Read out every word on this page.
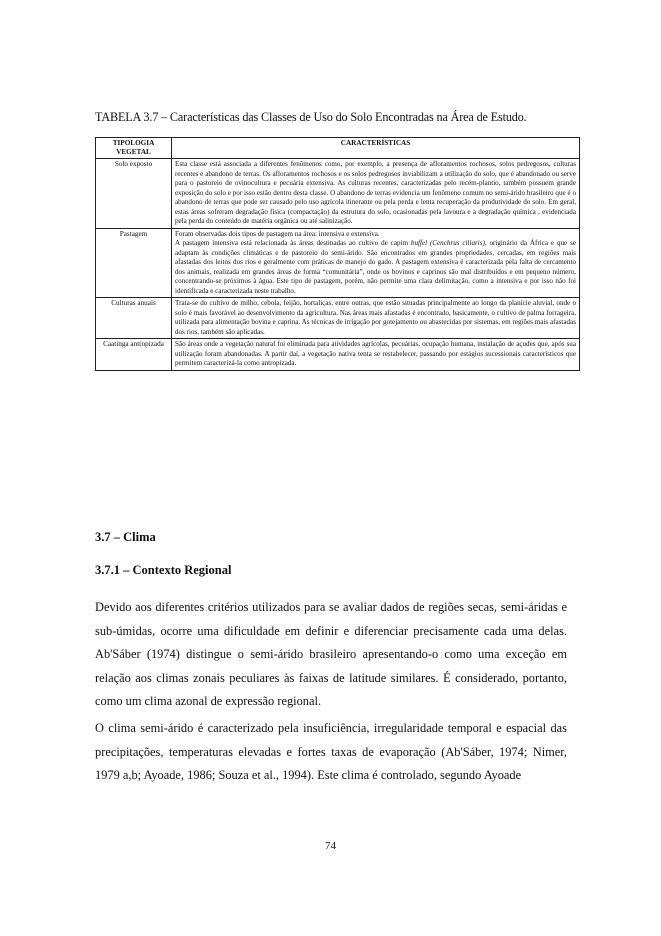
TABELA 3.7 – Características das Classes de Uso do Solo Encontradas na Área de Estudo.
TIPOLOGIA VEGETAL	CARACTERÍSTICAS
Solo exposto	Esta classe está associada a diferentes fenômenos como, por exemplo, a presença de afloramentos rochosos, solos pedregosos, culturas recentes e abandono de terras. Os afloramentos rochosos e os solos pedregosos inviabilizam a utilização do solo, que é abandonado ou serve para o pastoreio de ovinocultura e pecuária extensiva. As culturas recentes, caracterizadas pelo recém-plantio, também possuem grande exposição do solo e por isso estão dentro desta classe. O abandono de terras evidencia um fenômeno comum no semi-árido brasileiro que é o abandono de terras que pode ser causado pelo uso agrícola itinerante ou pela perda e lenta recuperação da produtividade do solo. Em geral, estas áreas sofreram degradação física (compactação) da estrutura do solo, ocasionadas pela lavoura e a degradação química , evidenciada pela perda do conteúdo de matéria orgânica ou até salinização.
Pastagem	Foram observadas dois tipos de pastagem na área: intensiva e extensiva.
A pastagem intensiva está relacionada às áreas destinadas ao cultivo de capim buffel (Cenchrus ciliaris), originário da África e que se adaptam às condições climáticas e de pastoreio do semi-árido. São encontrados em grandes propriedades, cercadas, em regiões mais afastadas dos leitos dos rios e geralmente com práticas de manejo do gado. A pastagem extensiva é caracterizada pela falta de cercamento dos animais, realizada em grandes áreas de forma “comunitária”, onde os bovinos e caprinos são mal distribuídos e em pequeno número, concentrando-se próximos à água. Este tipo de pastagem, porém, não permite uma clara delimitação, como a intensiva e por isso não foi identificada e caracterizada neste trabalho.

Culturas anuais	Trata-se do cultivo de milho, cebola, feijão, hortaliças, entre outras, que estão situadas principalmente ao longo da planície aluvial, onde o solo é mais favorável ao desenvolvimento da agricultura. Nas áreas mais afastadas é encontrado, basicamente, o cultivo de palma forrageira, utilizada para alimentação bovina e caprina. As técnicas de irrigação por gotejamento ou abastecidas por sistemas, em regiões mais afastadas dos rios, também são aplicadas.
Caatinga antropizada	São áreas onde a vegetação natural foi eliminada para atividades agrícolas, pecuárias, ocupação humana, instalação de açudes que, após sua utilização foram abandonadas. A partir daí, a vegetação nativa tenta se restabelecer, passando por estágios sucessionais característicos que permitem caracterizá-la como antropizada.
3.7 – Clima
3.7.1 – Contexto Regional
Devido aos diferentes critérios utilizados para se avaliar dados de regiões secas, semi-áridas e sub-úmidas, ocorre uma dificuldade em definir e diferenciar precisamente cada uma delas. Ab'Sáber (1974) distingue o semi-árido brasileiro apresentando-o como uma exceção em relação aos climas zonais peculiares às faixas de latitude similares. É considerado, portanto, como um clima azonal de expressão regional.
O clima semi-árido é caracterizado pela insuficiência, irregularidade temporal e espacial das precipitações, temperaturas elevadas e fortes taxas de evaporação (Ab'Sáber, 1974; Nimer, 1979 a,b; Ayoade, 1986; Souza et al., 1994). Este clima é controlado, segundo Ayoade
74
